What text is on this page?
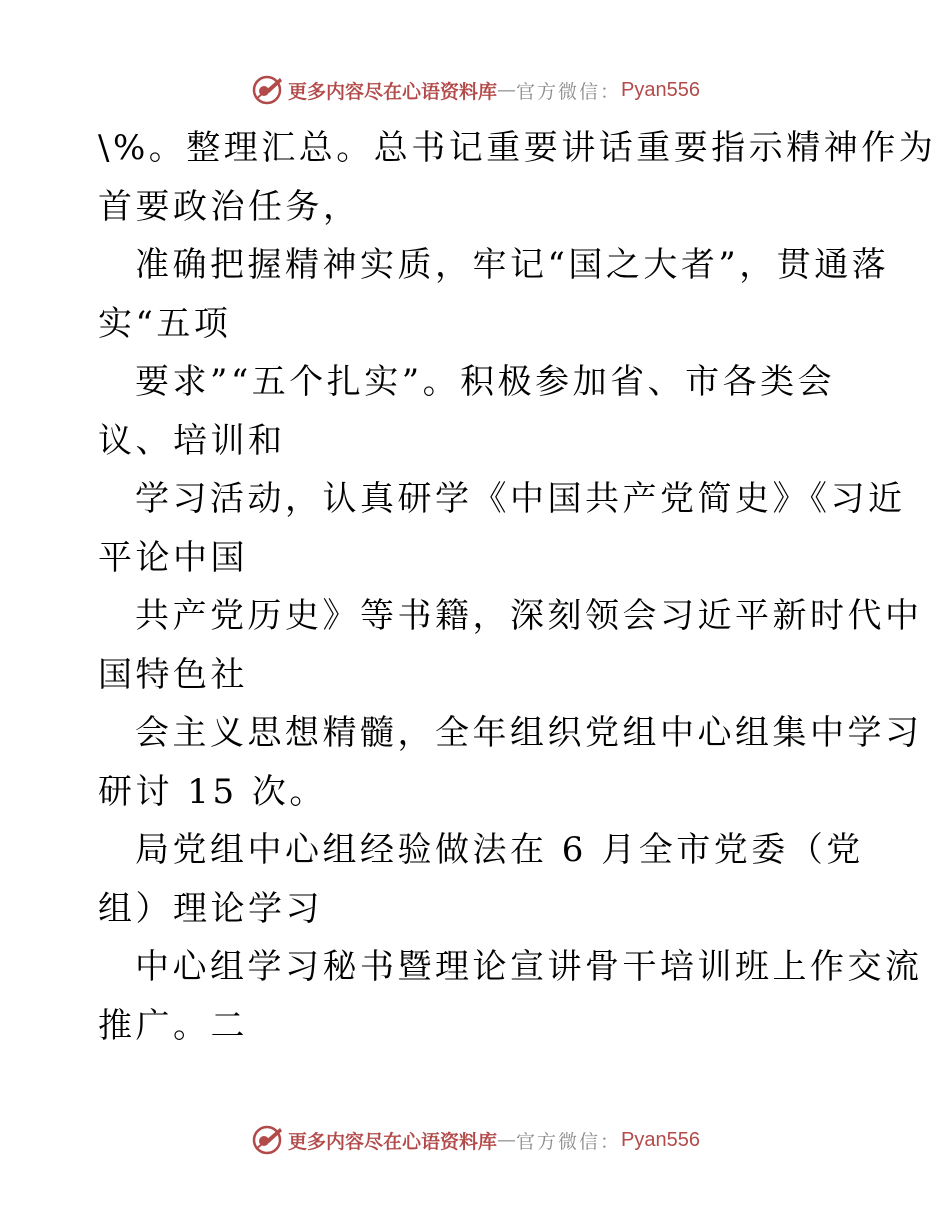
更多内容尽在心语资料库 — 官方微信： Pyan556
\%。整理汇总。总书记重要讲话重要指示精神作为
首要政治任务，
准确把握精神实质，牢记“国之大者”，贯通落
实“五项
要求”“五个扎实”。积极参加省、市各类会
议、培训和
学习活动，认真研学《中国共产党简史》《习近
平论中国
共产党历史》等书籍，深刻领会习近平新时代中
国特色社
会主义思想精髓，全年组织党组中心组集中学习
研讨 15 次。
局党组中心组经验做法在 6 月全市党委（党
组）理论学习
中心组学习秘书暨理论宣讲骨干培训班上作交流
推广。二
更多内容尽在心语资料库 — 官方微信： Pyan556
